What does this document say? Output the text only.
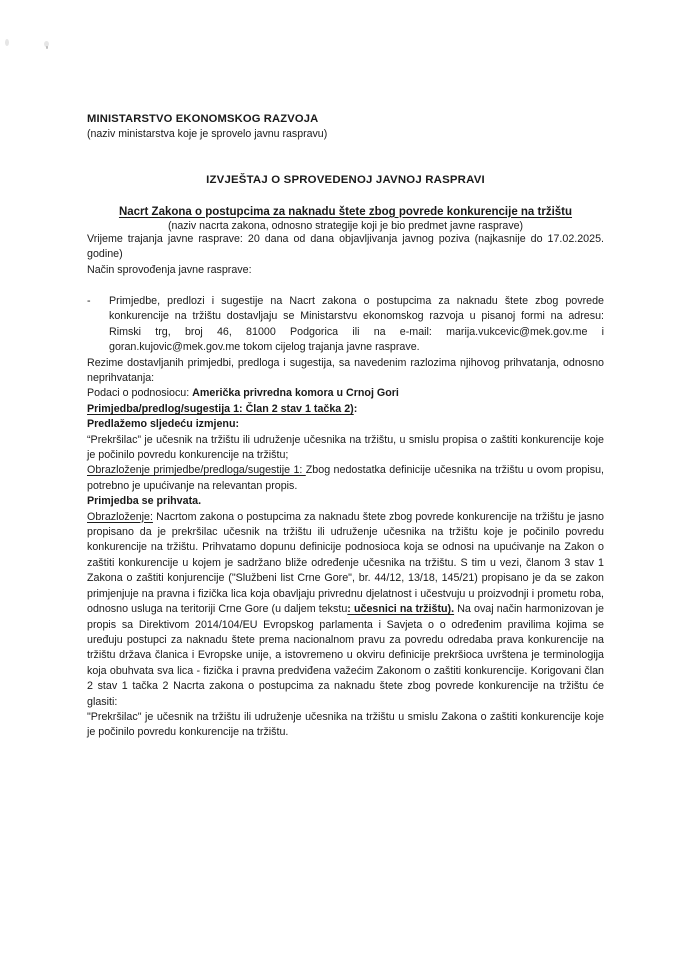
MINISTARSTVO EKONOMSKOG RAZVOJA

(naziv ministarstva koje je sprovelo javnu raspravu)

IZVJEŠTAJ O SPROVEDENOJ JAVNOJ RASPRAVI

Nacrt Zakona o postupcima za naknadu štete zbog povrede konkurencije na tržištu

(naziv nacrta zakona, odnosno strategije koji je bio predmet javne rasprave)

Vrijeme trajanja javne rasprave: 20 dana od dana objavljivanja javnog poziva (najkasnije do 17.02.2025. godine)

Način sprovođenja javne rasprave:

-	Primjedbe, predlozi i sugestije na Nacrt zakona o postupcima za naknadu štete zbog povrede konkurencije na tržištu dostavljaju se Ministarstvu ekonomskog razvoja u pisanoj formi na adresu: Rimski trg, broj 46, 81000 Podgorica ili na e-mail: marija.vukcevic@mek.gov.me i goran.kujovic@mek.gov.me tokom cijelog trajanja javne rasprave.

Rezime dostavljanih primjedbi, predloga i sugestija, sa navedenim razlozima njihovog prihvatanja, odnosno neprihvatanja:

Podaci o podnosiocu: Američka privredna komora u Crnoj Gori

Primjedba/predlog/sugestija 1: Član 2 stav 1 tačka 2):

Predlažemo sljedeću izmjenu:

“Prekršilac” je učesnik na tržištu ili udruženje učesnika na tržištu, u smislu propisa o zaštiti konkurencije koje je počinilo povredu konkurencije na tržištu;

Obrazloženje primjedbe/predloga/sugestije 1: Zbog nedostatka definicije učesnika na tržištu u ovom propisu, potrebno je upućivanje na relevantan propis.

Primjedba se prihvata.

Obrazloženje: Nacrtom zakona o postupcima za naknadu štete zbog povrede konkurencije na tržištu je jasno propisano da je prekršilac učesnik na tržištu ili udruženje učesnika na tržištu koje je počinilo povredu konkurencije na tržištu. Prihvatamo dopunu definicije podnosioca koja se odnosi na upućivanje na Zakon o zaštiti konkurencije u kojem je sadržano bliže određenje učesnika na tržištu. S tim u vezi, članom 3 stav 1 Zakona o zaštiti konjurencije ("Službeni list Crne Gore", br. 44/12, 13/18, 145/21) propisano je da se zakon primjenjuje na pravna i fizička lica koja obavljaju privrednu djelatnost i učestvuju u proizvodnji i prometu roba, odnosno usluga na teritoriji Crne Gore (u daljem tekstu: učesnici na tržištu). Na ovaj način harmonizovan je propis sa Direktivom 2014/104/EU Evropskog parlamenta i Savjeta o o određenim pravilima kojima se uređuju postupci za naknadu štete prema nacionalnom pravu za povredu odredaba prava konkurencije na tržištu država članica i Evropske unije, a istovremeno u okviru definicije prekršioca uvrštena je terminologija koja obuhvata sva lica - fizička i pravna predviđena važećim Zakonom o zaštiti konkurencije. Korigovani član 2 stav 1 tačka 2 Nacrta zakona o postupcima za naknadu štete zbog povrede konkurencije na tržištu će glasiti:

"Prekršilac" je učesnik na tržištu ili udruženje učesnika na tržištu u smislu Zakona o zaštiti konkurencije koje je počinilo povredu konkurencije na tržištu.
